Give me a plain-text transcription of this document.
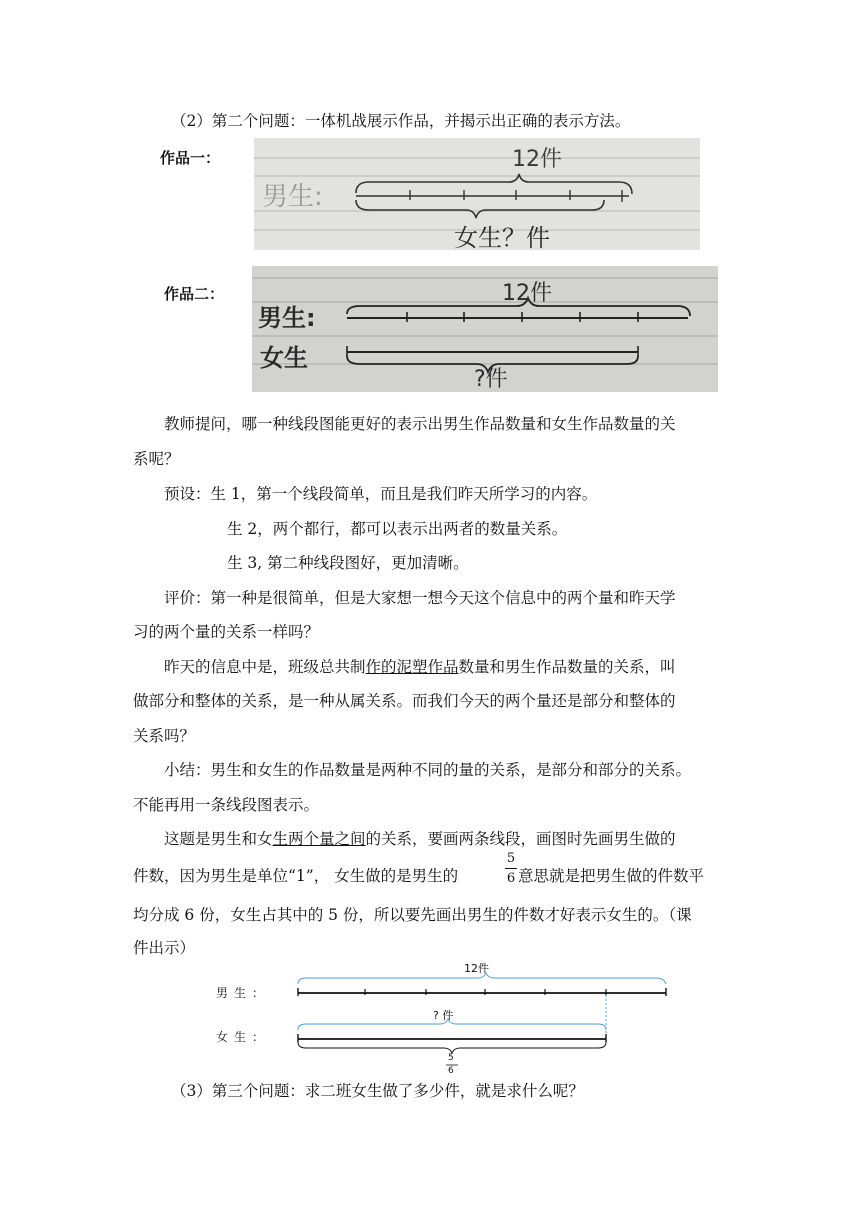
（2）第二个问题：一体机战展示作品，并揭示出正确的表示方法。
作品一：
男生:
12件
女生？件
作品二：
男生:
女生
12件
?件
教师提问，哪一种线段图能更好的表示出男生作品数量和女生作品数量的关
系呢？
预设：生 1，第一个线段简单，而且是我们昨天所学习的内容。
生 2，两个都行，都可以表示出两者的数量关系。
生 3, 第二种线段图好，更加清晰。
评价：第一种是很简单，但是大家想一想今天这个信息中的两个量和昨天学
习的两个量的关系一样吗？
昨天的信息中是，班级总共制作的泥塑作品数量和男生作品数量的关系，叫
做部分和整体的关系，是一种从属关系。而我们今天的两个量还是部分和整体的
关系吗？
小结：男生和女生的作品数量是两种不同的量的关系，是部分和部分的关系。
不能再用一条线段图表示。
这题是男生和女生两个量之间的关系，要画两条线段，画图时先画男生做的
件数，因为男生是单位“1”， 女生做的是男生的
5
6 意思就是把男生做的件数平
均分成 6 份，女生占其中的 5 份，所以要先画出男生的件数才好表示女生的。（课
件出示）
男生：
女生：
12件
? 件
5
6
（3）第三个问题：求二班女生做了多少件，就是求什么呢？
